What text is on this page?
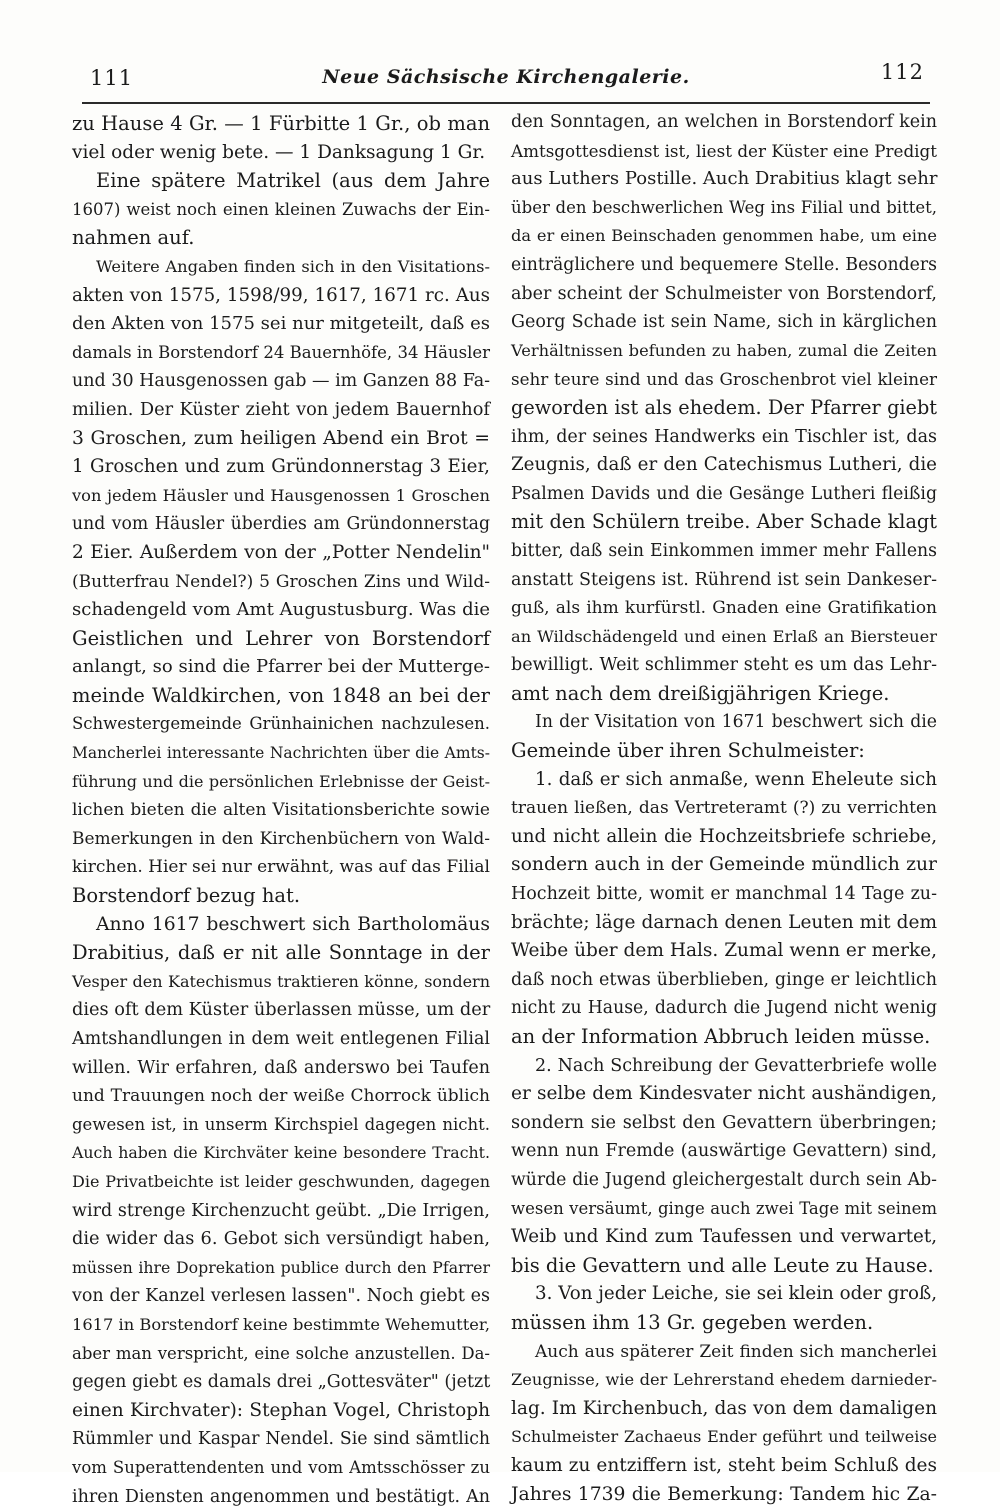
111	Neue Sächsische Kirchengalerie.	112
zu Hause 4 Gr. — 1 Fürbitte 1 Gr., ob man
viel oder wenig bete. — 1 Danksagung 1 Gr.
Eine spätere Matrikel (aus dem Jahre
1607) weist noch einen kleinen Zuwachs der Ein-
nahmen auf.
Weitere Angaben finden sich in den Visitations-
akten von 1575, 1598/99, 1617, 1671 rc. Aus
den Akten von 1575 sei nur mitgeteilt, daß es
damals in Borstendorf 24 Bauernhöfe, 34 Häusler
und 30 Hausgenossen gab — im Ganzen 88 Fa-
milien. Der Küster zieht von jedem Bauernhof
3 Groschen, zum heiligen Abend ein Brot =
1 Groschen und zum Gründonnerstag 3 Eier,
von jedem Häusler und Hausgenossen 1 Groschen
und vom Häusler überdies am Gründonnerstag
2 Eier. Außerdem von der „Potter Nendelin"
(Butterfrau Nendel?) 5 Groschen Zins und Wild-
schadengeld vom Amt Augustusburg. Was die
Geistlichen und Lehrer von Borstendorf
anlangt, so sind die Pfarrer bei der Mutterge-
meinde Waldkirchen, von 1848 an bei der
Schwestergemeinde Grünhainichen nachzulesen.
Mancherlei interessante Nachrichten über die Amts-
führung und die persönlichen Erlebnisse der Geist-
lichen bieten die alten Visitationsberichte sowie
Bemerkungen in den Kirchenbüchern von Wald-
kirchen. Hier sei nur erwähnt, was auf das Filial
Borstendorf bezug hat.
Anno 1617 beschwert sich Bartholomäus
Drabitius, daß er nit alle Sonntage in der
Vesper den Katechismus traktieren könne, sondern
dies oft dem Küster überlassen müsse, um der
Amtshandlungen in dem weit entlegenen Filial
willen. Wir erfahren, daß anderswo bei Taufen
und Trauungen noch der weiße Chorrock üblich
gewesen ist, in unserm Kirchspiel dagegen nicht.
Auch haben die Kirchväter keine besondere Tracht.
Die Privatbeichte ist leider geschwunden, dagegen
wird strenge Kirchenzucht geübt. „Die Irrigen,
die wider das 6. Gebot sich versündigt haben,
müssen ihre Doprekation publice durch den Pfarrer
von der Kanzel verlesen lassen". Noch giebt es
1617 in Borstendorf keine bestimmte Wehemutter,
aber man verspricht, eine solche anzustellen. Da-
gegen giebt es damals drei „Gottesväter" (jetzt
einen Kirchvater): Stephan Vogel, Christoph
Rümmler und Kaspar Nendel. Sie sind sämtlich
vom Superattendenten und vom Amtsschösser zu
ihren Diensten angenommen und bestätigt. An
den Sonntagen, an welchen in Borstendorf kein
Amtsgottesdienst ist, liest der Küster eine Predigt
aus Luthers Postille. Auch Drabitius klagt sehr
über den beschwerlichen Weg ins Filial und bittet,
da er einen Beinschaden genommen habe, um eine
einträglichere und bequemere Stelle. Besonders
aber scheint der Schulmeister von Borstendorf,
Georg Schade ist sein Name, sich in kärglichen
Verhältnissen befunden zu haben, zumal die Zeiten
sehr teure sind und das Groschenbrot viel kleiner
geworden ist als ehedem. Der Pfarrer giebt
ihm, der seines Handwerks ein Tischler ist, das
Zeugnis, daß er den Catechismus Lutheri, die
Psalmen Davids und die Gesänge Lutheri fleißig
mit den Schülern treibe. Aber Schade klagt
bitter, daß sein Einkommen immer mehr Fallens
anstatt Steigens ist. Rührend ist sein Dankeser-
guß, als ihm kurfürstl. Gnaden eine Gratifikation
an Wildschädengeld und einen Erlaß an Biersteuer
bewilligt. Weit schlimmer steht es um das Lehr-
amt nach dem dreißigjährigen Kriege.
In der Visitation von 1671 beschwert sich die
Gemeinde über ihren Schulmeister:
1. daß er sich anmaße, wenn Eheleute sich
trauen ließen, das Vertreteramt (?) zu verrichten
und nicht allein die Hochzeitsbriefe schriebe,
sondern auch in der Gemeinde mündlich zur
Hochzeit bitte, womit er manchmal 14 Tage zu-
brächte; läge darnach denen Leuten mit dem
Weibe über dem Hals. Zumal wenn er merke,
daß noch etwas überblieben, ginge er leichtlich
nicht zu Hause, dadurch die Jugend nicht wenig
an der Information Abbruch leiden müsse.
2. Nach Schreibung der Gevatterbriefe wolle
er selbe dem Kindesvater nicht aushändigen,
sondern sie selbst den Gevattern überbringen;
wenn nun Fremde (auswärtige Gevattern) sind,
würde die Jugend gleichergestalt durch sein Ab-
wesen versäumt, ginge auch zwei Tage mit seinem
Weib und Kind zum Taufessen und verwartet,
bis die Gevattern und alle Leute zu Hause.
3. Von jeder Leiche, sie sei klein oder groß,
müssen ihm 13 Gr. gegeben werden.
Auch aus späterer Zeit finden sich mancherlei
Zeugnisse, wie der Lehrerstand ehedem darnieder-
lag. Im Kirchenbuch, das von dem damaligen
Schulmeister Zachaeus Ender geführt und teilweise
kaum zu entziffern ist, steht beim Schluß des
Jahres 1739 die Bemerkung: Tandem hic Za-
